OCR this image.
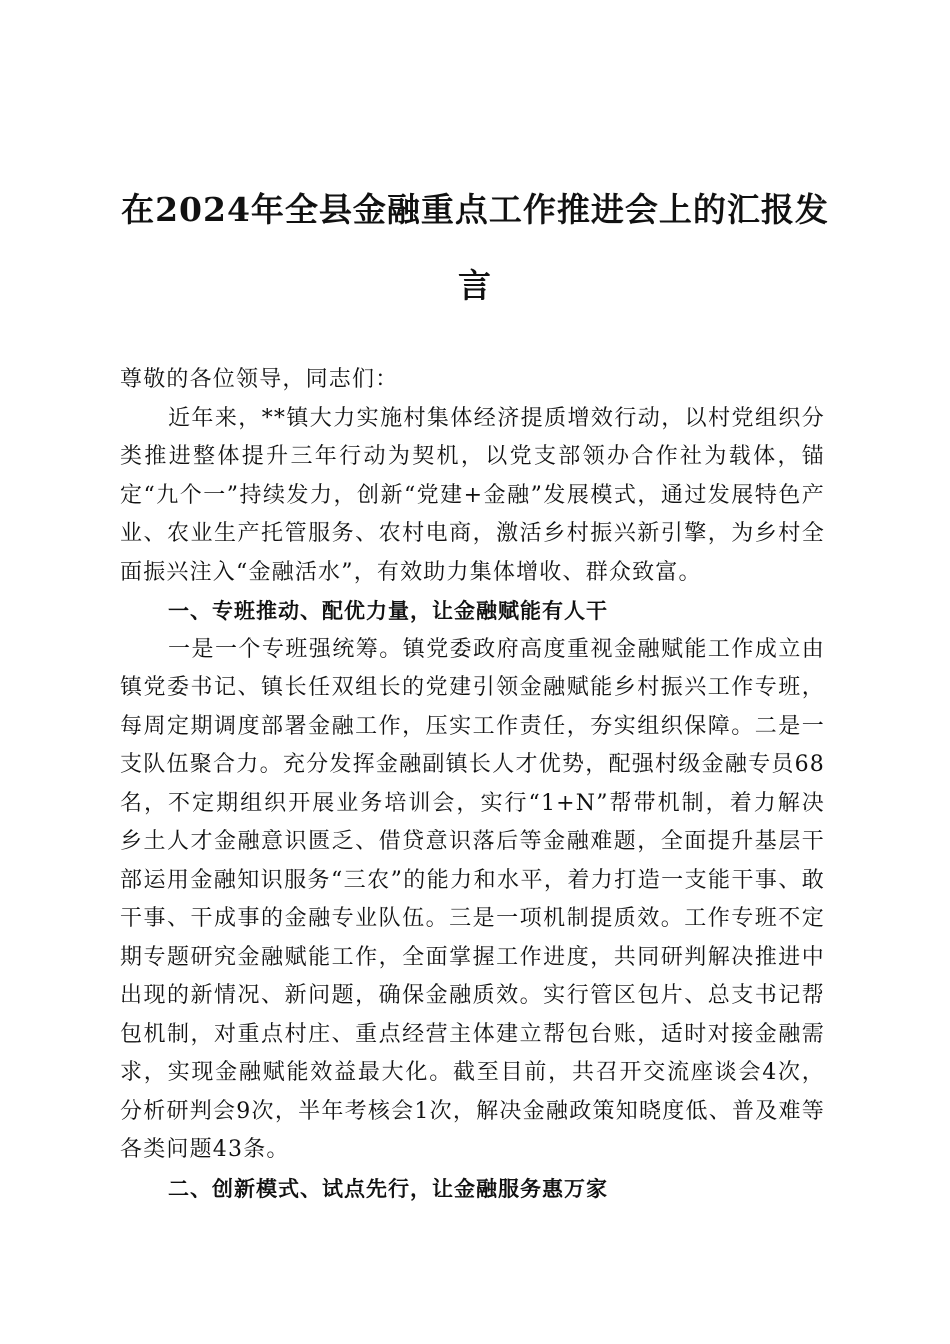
在2024年全县金融重点工作推进会上的汇报发言

尊敬的各位领导，同志们：

近年来，**镇大力实施村集体经济提质增效行动，以村党组织分类推进整体提升三年行动为契机，以党支部领办合作社为载体，锚定“九个一”持续发力，创新“党建+金融”发展模式，通过发展特色产业、农业生产托管服务、农村电商，激活乡村振兴新引擎，为乡村全面振兴注入“金融活水”，有效助力集体增收、群众致富。

一、专班推动、配优力量，让金融赋能有人干

一是一个专班强统筹。镇党委政府高度重视金融赋能工作成立由镇党委书记、镇长任双组长的党建引领金融赋能乡村振兴工作专班，每周定期调度部署金融工作，压实工作责任，夯实组织保障。二是一支队伍聚合力。充分发挥金融副镇长人才优势，配强村级金融专员68名，不定期组织开展业务培训会，实行“1+N”帮带机制，着力解决乡土人才金融意识匮乏、借贷意识落后等金融难题，全面提升基层干部运用金融知识服务“三农”的能力和水平，着力打造一支能干事、敢干事、干成事的金融专业队伍。三是一项机制提质效。工作专班不定期专题研究金融赋能工作，全面掌握工作进度，共同研判解决推进中出现的新情况、新问题，确保金融质效。实行管区包片、总支书记帮包机制，对重点村庄、重点经营主体建立帮包台账，适时对接金融需求，实现金融赋能效益最大化。截至目前，共召开交流座谈会4次，分析研判会9次，半年考核会1次，解决金融政策知晓度低、普及难等各类问题43条。

二、创新模式、试点先行，让金融服务惠万家
